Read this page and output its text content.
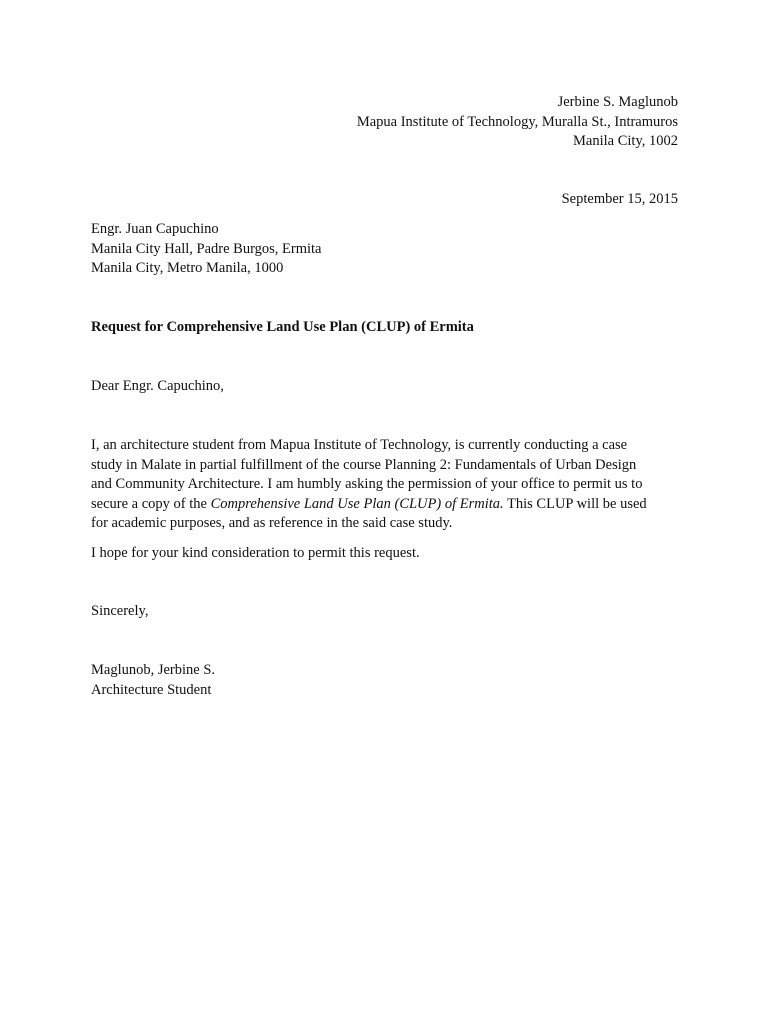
Jerbine S. Maglunob
Mapua Institute of Technology, Muralla St., Intramuros
Manila City, 1002
September 15, 2015
Engr. Juan Capuchino
Manila City Hall, Padre Burgos, Ermita
Manila City, Metro Manila, 1000
Request for Comprehensive Land Use Plan (CLUP) of Ermita
Dear Engr. Capuchino,
I, an architecture student from Mapua Institute of Technology, is currently conducting a case
study in Malate in partial fulfillment of the course Planning 2: Fundamentals of Urban Design
and Community Architecture. I am humbly asking the permission of your office to permit us to
secure a copy of the Comprehensive Land Use Plan (CLUP) of Ermita. This CLUP will be used
for academic purposes, and as reference in the said case study.
I hope for your kind consideration to permit this request.
Sincerely,
Maglunob, Jerbine S.
Architecture Student
